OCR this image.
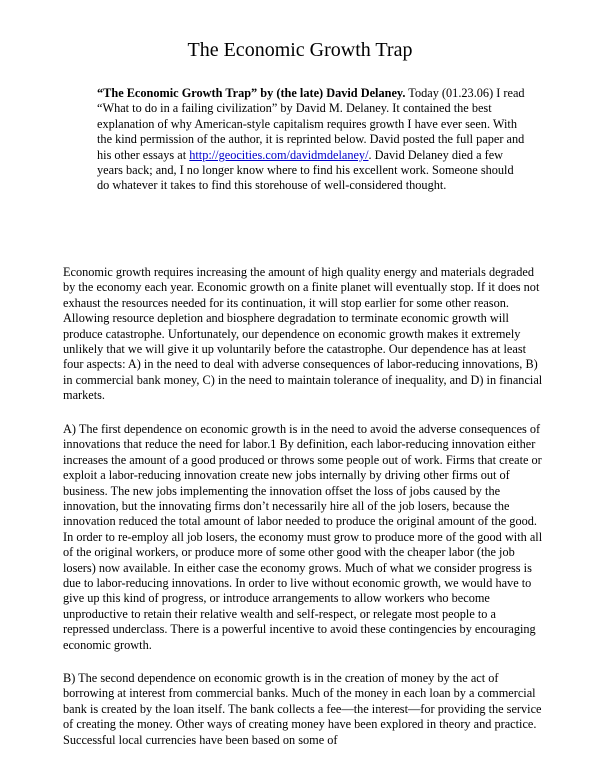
The Economic Growth Trap
“The Economic Growth Trap” by (the late) David Delaney. Today (01.23.06) I read “What to do in a failing civilization” by David M. Delaney. It contained the best explanation of why American-style capitalism requires growth I have ever seen. With the kind permission of the author, it is reprinted below. David posted the full paper and his other essays at http://geocities.com/davidmdelaney/. David Delaney died a few years back; and, I no longer know where to find his excellent work. Someone should do whatever it takes to find this storehouse of well-considered thought.
Economic growth requires increasing the amount of high quality energy and materials degraded by the economy each year. Economic growth on a finite planet will eventually stop. If it does not exhaust the resources needed for its continuation, it will stop earlier for some other reason. Allowing resource depletion and biosphere degradation to terminate economic growth will produce catastrophe. Unfortunately, our dependence on economic growth makes it extremely unlikely that we will give it up voluntarily before the catastrophe. Our dependence has at least four aspects: A) in the need to deal with adverse consequences of labor-reducing innovations, B) in commercial bank money, C) in the need to maintain tolerance of inequality, and D) in financial markets.
A) The first dependence on economic growth is in the need to avoid the adverse consequences of innovations that reduce the need for labor.1 By definition, each labor-reducing innovation either increases the amount of a good produced or throws some people out of work. Firms that create or exploit a labor-reducing innovation create new jobs internally by driving other firms out of business. The new jobs implementing the innovation offset the loss of jobs caused by the innovation, but the innovating firms don’t necessarily hire all of the job losers, because the innovation reduced the total amount of labor needed to produce the original amount of the good. In order to re-employ all job losers, the economy must grow to produce more of the good with all of the original workers, or produce more of some other good with the cheaper labor (the job losers) now available. In either case the economy grows. Much of what we consider progress is due to labor-reducing innovations. In order to live without economic growth, we would have to give up this kind of progress, or introduce arrangements to allow workers who become unproductive to retain their relative wealth and self-respect, or relegate most people to a repressed underclass. There is a powerful incentive to avoid these contingencies by encouraging economic growth.
B) The second dependence on economic growth is in the creation of money by the act of borrowing at interest from commercial banks. Much of the money in each loan by a commercial bank is created by the loan itself. The bank collects a fee—the interest—for providing the service of creating the money. Other ways of creating money have been explored in theory and practice. Successful local currencies have been based on some of
